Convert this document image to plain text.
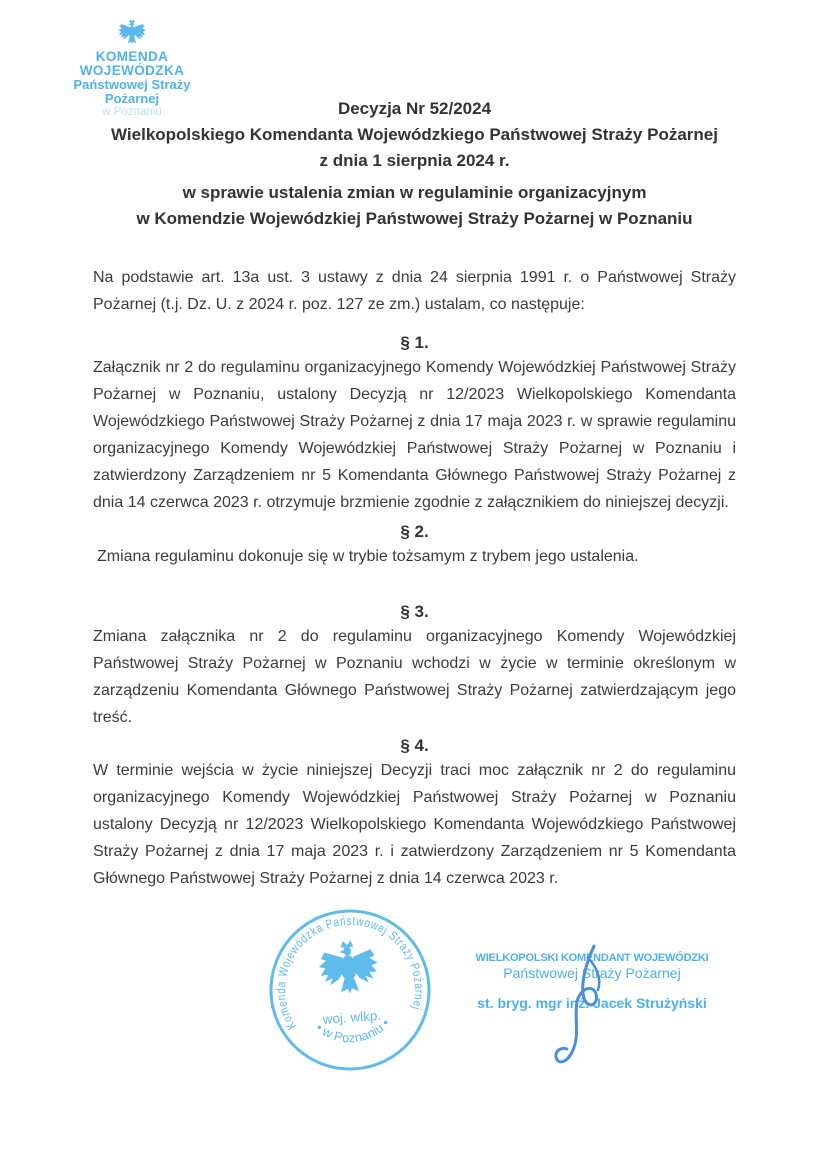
KOMENDA WOJEWÓDZKA
Państwowej Straży Pożarnej
w Poznaniu	Decyzja Nr 52/2024
Wielkopolskiego Komendanta Wojewódzkiego Państwowej Straży Pożarnej
z dnia 1 sierpnia 2024 r.
w sprawie ustalenia zmian w regulaminie organizacyjnym
w Komendzie Wojewódzkiej Państwowej Straży Pożarnej w Poznaniu
Na podstawie art. 13a ust. 3 ustawy z dnia 24 sierpnia 1991 r. o Państwowej Straży Pożarnej (t.j. Dz. U. z 2024 r. poz. 127 ze zm.) ustalam, co następuje:
§ 1.
Załącznik nr 2 do regulaminu organizacyjnego Komendy Wojewódzkiej Państwowej Straży Pożarnej w Poznaniu, ustalony Decyzją nr 12/2023 Wielkopolskiego Komendanta Wojewódzkiego Państwowej Straży Pożarnej z dnia 17 maja 2023 r. w sprawie regulaminu organizacyjnego Komendy Wojewódzkiej Państwowej Straży Pożarnej w Poznaniu i zatwierdzony Zarządzeniem nr 5 Komendanta Głównego Państwowej Straży Pożarnej z dnia 14 czerwca 2023 r. otrzymuje brzmienie zgodnie z załącznikiem do niniejszej decyzji.
§ 2.
Zmiana regulaminu dokonuje się w trybie tożsamym z trybem jego ustalenia.
§ 3.
Zmiana załącznika nr 2 do regulaminu organizacyjnego Komendy Wojewódzkiej Państwowej Straży Pożarnej w Poznaniu wchodzi w życie w terminie określonym w zarządzeniu Komendanta Głównego Państwowej Straży Pożarnej zatwierdzającym jego treść.
§ 4.
W terminie wejścia w życie niniejszej Decyzji traci moc załącznik nr 2 do regulaminu organizacyjnego Komendy Wojewódzkiej Państwowej Straży Pożarnej w Poznaniu ustalony Decyzją nr 12/2023 Wielkopolskiego Komendanta Wojewódzkiego Państwowej Straży Pożarnej z dnia 17 maja 2023 r. i zatwierdzony Zarządzeniem nr 5 Komendanta Głównego Państwowej Straży Pożarnej z dnia 14 czerwca 2023 r.
Komenda Wojewódzka Państwowej Straży Pożarnej
• w Poznaniu •
woj. wlkp.
WIELKOPOLSKI KOMENDANT WOJEWÓDZKI
Państwowej Straży Pożarnej
st. bryg. mgr inż. Jacek Strużyński
